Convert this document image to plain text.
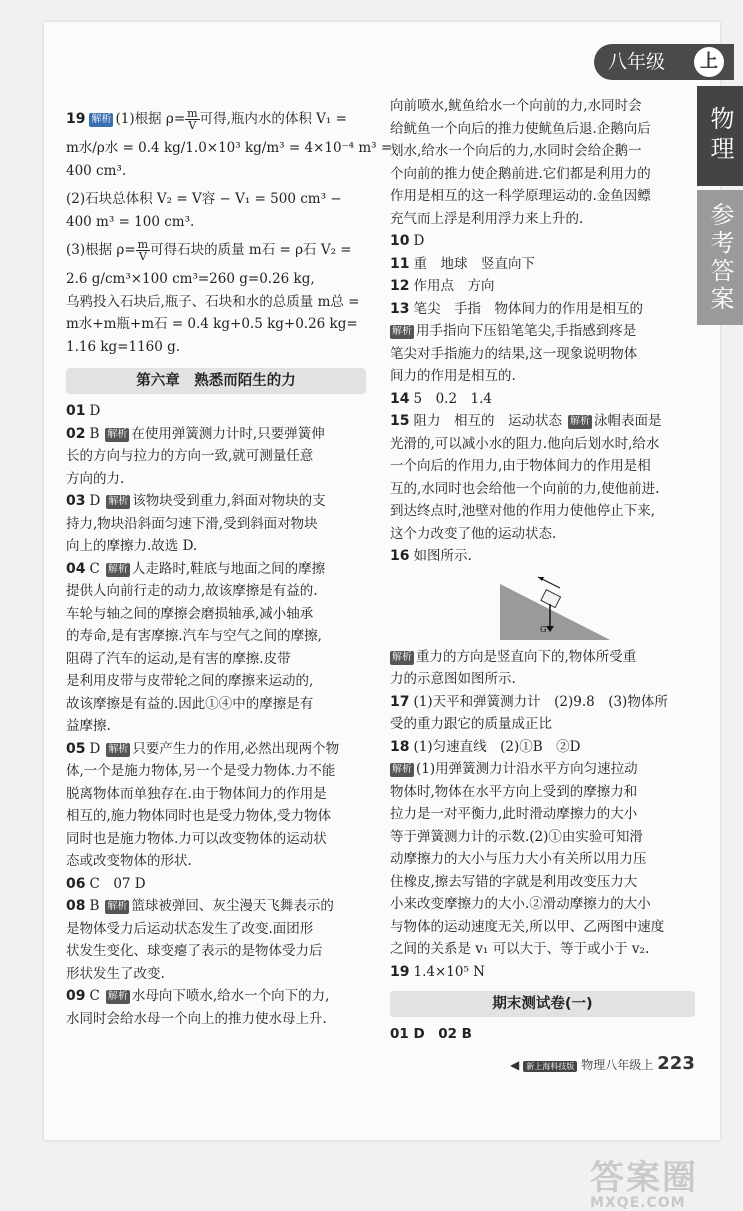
八年级	上
物理
参考答案
19 解析 (1)根据 $\rho= \frac{m}{V}$ 可得,瓶内水的体积 V₁ =
m水/ρ水 = 0.4 kg/1.0×10³ kg/m³ = 4×10⁻⁴ m³ =
400 cm³.
(2)石块总体积 V₂ = V容 − V₁ = 500 cm³ −
400 m³ = 100 cm³.
(3)根据 $\rho= \frac{m}{V}$ 可得石块的质量 m石 = ρ石 V₂ =
2.6 g/cm³×100 cm³=260 g=0.26 kg,
乌鸦投入石块后,瓶子、石块和水的总质量 m总 =
m水+m瓶+m石 = 0.4 kg+0.5 kg+0.26 kg=
1.16 kg=1160 g.
第六章　熟悉而陌生的力
01 D
02 B 解析 在使用弹簧测力计时,只要弹簧伸
长的方向与拉力的方向一致,就可测量任意
方向的力.
03 D 解析 该物块受到重力,斜面对物块的支
持力,物块沿斜面匀速下滑,受到斜面对物块
向上的摩擦力.故选 D.
04 C 解析 人走路时,鞋底与地面之间的摩擦
提供人向前行走的动力,故该摩擦是有益的.
车轮与轴之间的摩擦会磨损轴承,减小轴承
的寿命,是有害摩擦.汽车与空气之间的摩擦,
阻碍了汽车的运动,是有害的摩擦.皮带
是利用皮带与皮带轮之间的摩擦来运动的,
故该摩擦是有益的.因此①④中的摩擦是有
益摩擦.
05 D 解析 只要产生力的作用,必然出现两个物
体,一个是施力物体,另一个是受力物体.力不能
脱离物体而单独存在.由于物体间力的作用是
相互的,施力物体同时也是受力物体,受力物体
同时也是施力物体.力可以改变物体的运动状
态或改变物体的形状.
06 C　07 D
08 B 解析 篮球被弹回、灰尘漫天飞舞表示的
是物体受力后运动状态发生了改变.面团形
状发生变化、球变瘪了表示的是物体受力后
形状发生了改变.
09 C 解析 水母向下喷水,给水一个向下的力,
水同时会给水母一个向上的推力使水母上升.
向前喷水,鱿鱼给水一个向前的力,水同时会
给鱿鱼一个向后的推力使鱿鱼后退.企鹅向后
划水,给水一个向后的力,水同时会给企鹅一
个向前的推力使企鹅前进.它们都是利用力的
作用是相互的这一科学原理运动的.金鱼因鳔
充气而上浮是利用浮力来上升的.
10 D
11 重　地球　竖直向下
12 作用点　方向
13 笔尖　手指　物体间力的作用是相互的
解析 用手指向下压铅笔笔尖,手指感到疼是
笔尖对手指施力的结果,这一现象说明物体
间力的作用是相互的.
14 5　0.2　1.4
15 阻力　相互的　运动状态 解析 泳帽表面是
光滑的,可以减小水的阻力.他向后划水时,给水
一个向后的作用力,由于物体间力的作用是相
互的,水同时也会给他一个向前的力,使他前进.
到达终点时,池壁对他的作用力使他停止下来,
这个力改变了他的运动状态.
16 如图所示.
v
G
解析 重力的方向是竖直向下的,物体所受重
力的示意图如图所示.
17 (1)天平和弹簧测力计　(2)9.8　(3)物体所
受的重力跟它的质量成正比
18 (1)匀速直线　(2)①B　②D
解析 (1)用弹簧测力计沿水平方向匀速拉动
物体时,物体在水平方向上受到的摩擦力和
拉力是一对平衡力,此时滑动摩擦力的大小
等于弹簧测力计的示数.(2)①由实验可知滑
动摩擦力的大小与压力大小有关所以用力压
住橡皮,擦去写错的字就是利用改变压力大
小来改变摩擦力的大小.②滑动摩擦力的大小
与物体的运动速度无关,所以甲、乙两图中速度
之间的关系是 v₁ 可以大于、等于或小于 v₂.
19 1.4×10⁵ N
期末测试卷(一)
01 D　02 B
◀ 新上海科技版 物理八年级上 223
答案圈
MXQE.COM
